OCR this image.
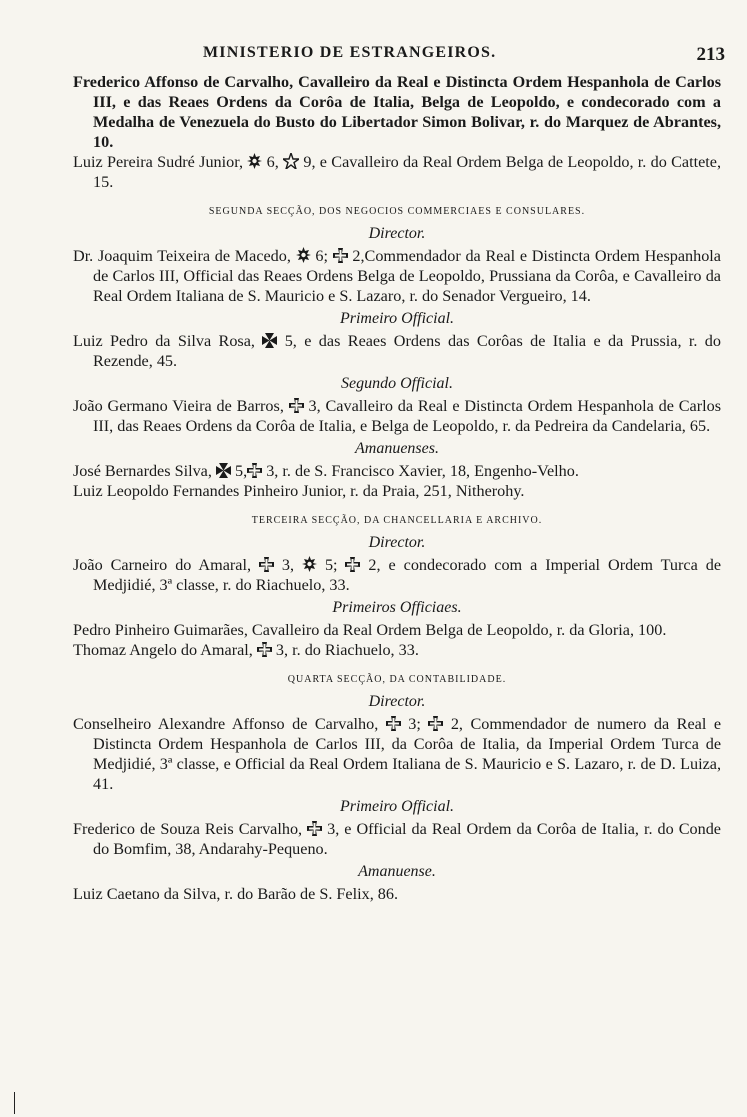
MINISTERIO DE ESTRANGEIROS.	213

Frederico Affonso de Carvalho, Cavalleiro da Real e Distincta Ordem Hespanhola de Carlos III, e das Reaes Ordens da Corôa de Italia, Belga de Leopoldo, e condecorado com a Medalha de Venezuela do Busto do Libertador Simon Bolivar, r. do Marquez de Abrantes, 10.

Luiz Pereira Sudré Junior,
6,
9, e Cavalleiro da Real Ordem Belga de Leopoldo, r. do Cattete, 15.

SEGUNDA SECÇÃO, DOS NEGOCIOS COMMERCIAES E CONSULARES.
Director.

Dr. Joaquim Teixeira de Macedo,
6;
2,Commendador da Real e Distincta Ordem Hespanhola de Carlos III, Official das Reaes Ordens Belga de Leopoldo, Prussiana da Corôa, e Cavalleiro da Real Ordem Italiana de S. Mauricio e S. Lazaro, r. do Senador Vergueiro, 14.

Primeiro Official.

Luiz Pedro da Silva Rosa,
5, e das Reaes Ordens das Corôas de Italia e da Prussia, r. do Rezende, 45.

Segundo Official.

João Germano Vieira de Barros,
3, Cavalleiro da Real e Distincta Ordem Hespanhola de Carlos III, das Reaes Ordens da Corôa de Italia, e Belga de Leopoldo, r. da Pedreira da Candelaria, 65.

Amanuenses.

José Bernardes Silva,
5,
3, r. de S. Francisco Xavier, 18, Engenho-Velho.

Luiz Leopoldo Fernandes Pinheiro Junior, r. da Praia, 251, Nitherohy.

TERCEIRA SECÇÃO, DA CHANCELLARIA E ARCHIVO.
Director.

João Carneiro do Amaral,
3,
5;
2, e condecorado com a Imperial Ordem Turca de Medjidié, 3ª classe, r. do Riachuelo, 33.

Primeiros Officiaes.

Pedro Pinheiro Guimarães, Cavalleiro da Real Ordem Belga de Leopoldo, r. da Gloria, 100.

Thomaz Angelo do Amaral,
3, r. do Riachuelo, 33.

QUARTA SECÇÃO, DA CONTABILIDADE.
Director.

Conselheiro Alexandre Affonso de Carvalho,
3;
2, Commendador de numero da Real e Distincta Ordem Hespanhola de Carlos III, da Corôa de Italia, da Imperial Ordem Turca de Medjidié, 3ª classe, e Official da Real Ordem Italiana de S. Mauricio e S. Lazaro, r. de D. Luiza, 41.

Primeiro Official.

Frederico de Souza Reis Carvalho,
3, e Official da Real Ordem da Corôa de Italia, r. do Conde do Bomfim, 38, Andarahy-Pequeno.

Amanuense.

Luiz Caetano da Silva, r. do Barão de S. Felix, 86.
